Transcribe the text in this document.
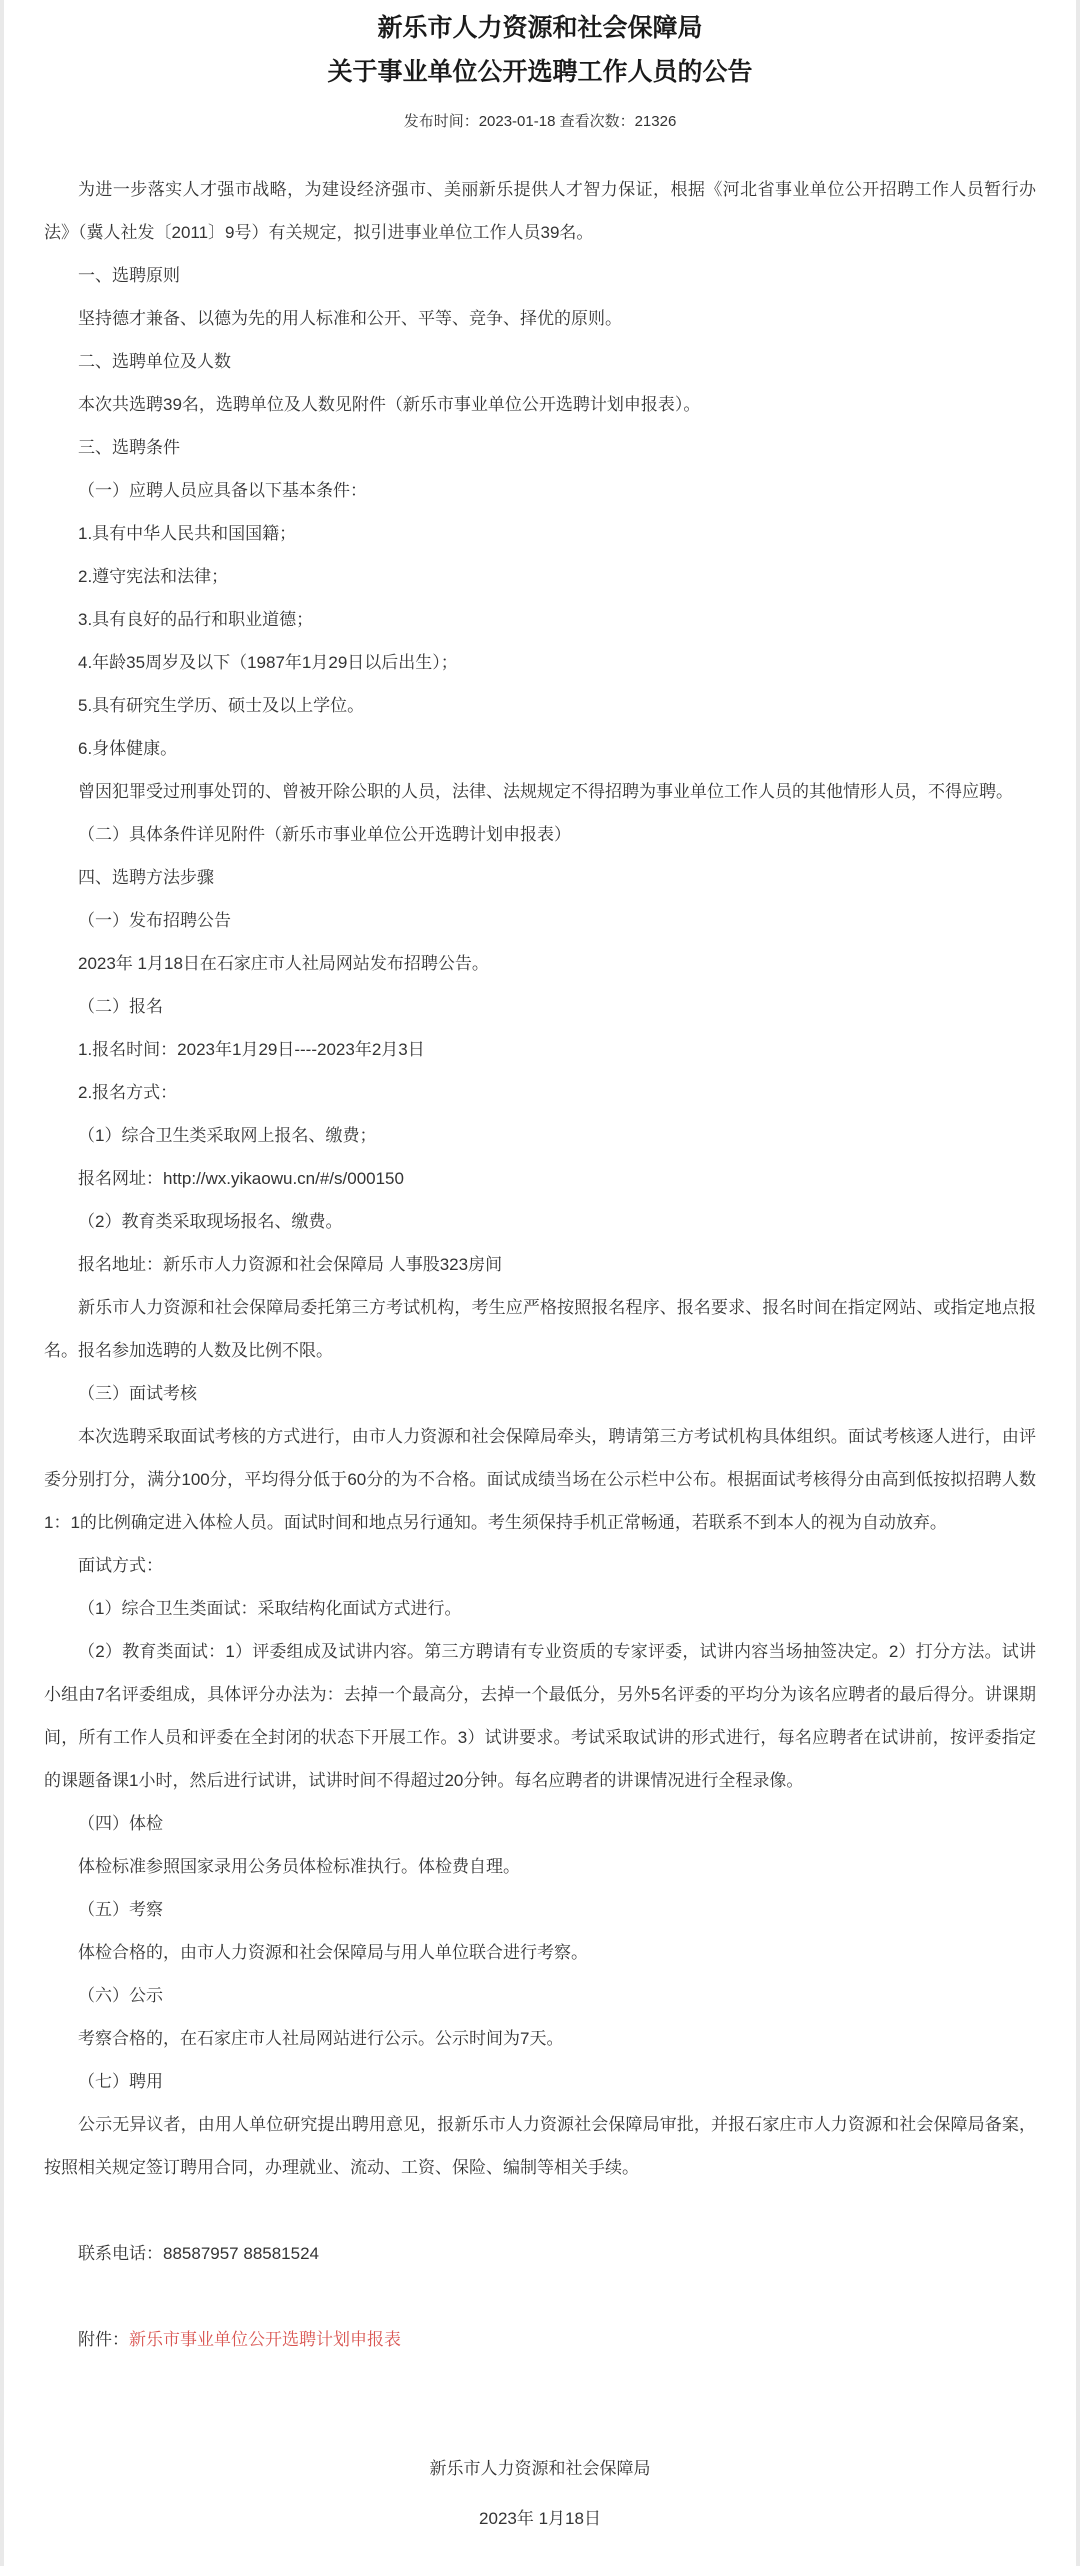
新乐市人力资源和社会保障局
关于事业单位公开选聘工作人员的公告
发布时间：2023-01-18 查看次数：21326

为进一步落实人才强市战略，为建设经济强市、美丽新乐提供人才智力保证，根据《河北省事业单位公开招聘工作人员暂行办法》（冀人社发〔2011〕9号）有关规定，拟引进事业单位工作人员39名。

一、选聘原则

坚持德才兼备、以德为先的用人标准和公开、平等、竞争、择优的原则。

二、选聘单位及人数

本次共选聘39名，选聘单位及人数见附件（新乐市事业单位公开选聘计划申报表）。

三、选聘条件

（一）应聘人员应具备以下基本条件：

1.具有中华人民共和国国籍；

2.遵守宪法和法律；

3.具有良好的品行和职业道德；

4.年龄35周岁及以下（1987年1月29日以后出生）；

5.具有研究生学历、硕士及以上学位。

6.身体健康。

曾因犯罪受过刑事处罚的、曾被开除公职的人员，法律、法规规定不得招聘为事业单位工作人员的其他情形人员，不得应聘。

（二）具体条件详见附件（新乐市事业单位公开选聘计划申报表）

四、选聘方法步骤

（一）发布招聘公告

2023年 1月18日在石家庄市人社局网站发布招聘公告。

（二）报名

1.报名时间：2023年1月29日----2023年2月3日

2.报名方式：

（1）综合卫生类采取网上报名、缴费；

报名网址：http://wx.yikaowu.cn/#/s/000150

（2）教育类采取现场报名、缴费。

报名地址：新乐市人力资源和社会保障局 人事股323房间

新乐市人力资源和社会保障局委托第三方考试机构，考生应严格按照报名程序、报名要求、报名时间在指定网站、或指定地点报名。报名参加选聘的人数及比例不限。

（三）面试考核

本次选聘采取面试考核的方式进行，由市人力资源和社会保障局牵头，聘请第三方考试机构具体组织。面试考核逐人进行，由评委分别打分，满分100分，平均得分低于60分的为不合格。面试成绩当场在公示栏中公布。根据面试考核得分由高到低按拟招聘人数1：1的比例确定进入体检人员。面试时间和地点另行通知。考生须保持手机正常畅通，若联系不到本人的视为自动放弃。

面试方式：

（1）综合卫生类面试：采取结构化面试方式进行。

（2）教育类面试：1）评委组成及试讲内容。第三方聘请有专业资质的专家评委，试讲内容当场抽签决定。2）打分方法。试讲小组由7名评委组成，具体评分办法为：去掉一个最高分，去掉一个最低分，另外5名评委的平均分为该名应聘者的最后得分。讲课期间，所有工作人员和评委在全封闭的状态下开展工作。3）试讲要求。考试采取试讲的形式进行，每名应聘者在试讲前，按评委指定的课题备课1小时，然后进行试讲，试讲时间不得超过20分钟。每名应聘者的讲课情况进行全程录像。

（四）体检

体检标准参照国家录用公务员体检标准执行。体检费自理。

（五）考察

体检合格的，由市人力资源和社会保障局与用人单位联合进行考察。

（六）公示

考察合格的，在石家庄市人社局网站进行公示。公示时间为7天。

（七）聘用

公示无异议者，由用人单位研究提出聘用意见，报新乐市人力资源社会保障局审批，并报石家庄市人力资源和社会保障局备案，按照相关规定签订聘用合同，办理就业、流动、工资、保险、编制等相关手续。

联系电话：88587957 88581524

附件：新乐市事业单位公开选聘计划申报表

新乐市人力资源和社会保障局

2023年 1月18日
